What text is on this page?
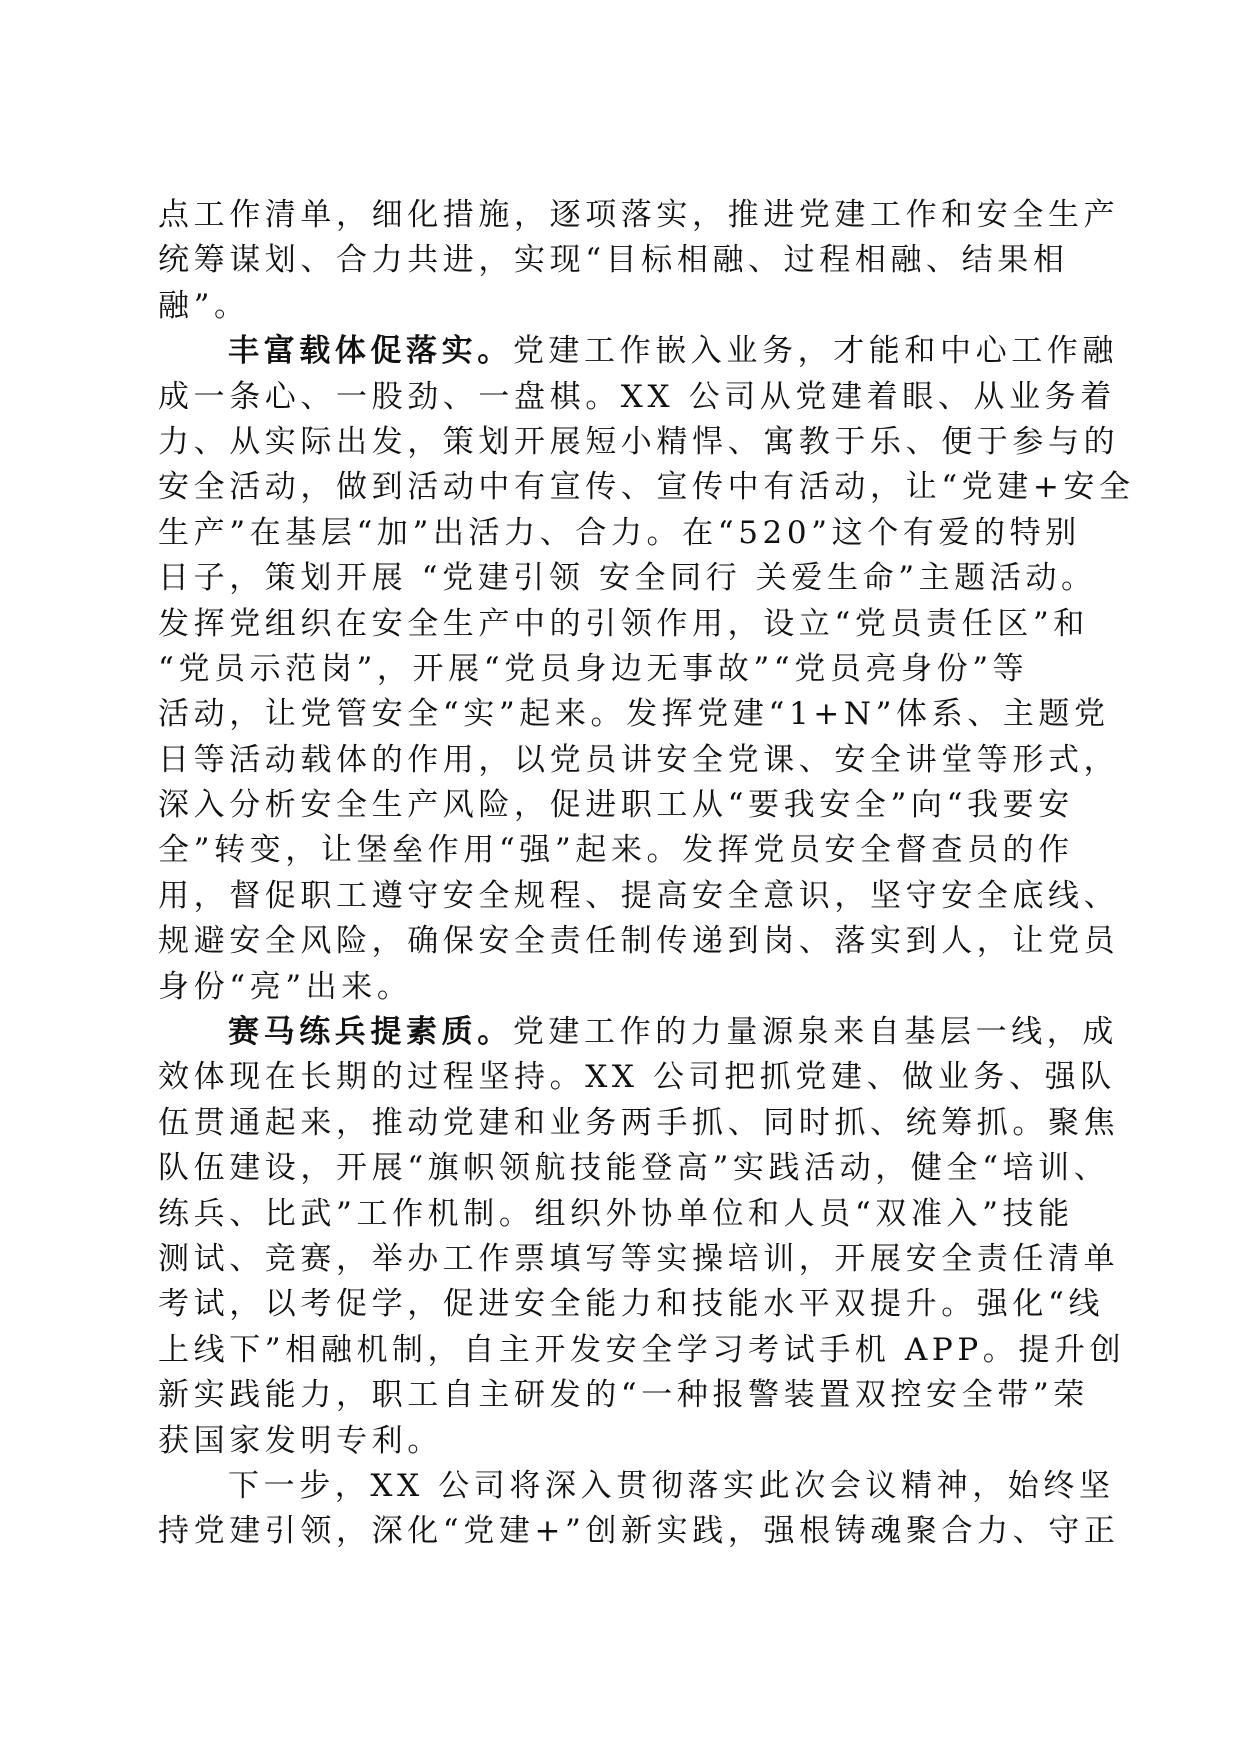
点工作清单，细化措施，逐项落实，推进党建工作和安全生产
统筹谋划、合力共进，实现“目标相融、过程相融、结果相
融”。
丰富载体促落实。党建工作嵌入业务，才能和中心工作融
成一条心、一股劲、一盘棋。XX 公司从党建着眼、从业务着
力、从实际出发，策划开展短小精悍、寓教于乐、便于参与的
安全活动，做到活动中有宣传、宣传中有活动，让“党建+安全
生产”在基层“加”出活力、合力。在“520”这个有爱的特别
日子，策划开展 “党建引领 安全同行 关爱生命”主题活动。
发挥党组织在安全生产中的引领作用，设立“党员责任区”和
“党员示范岗”，开展“党员身边无事故”“党员亮身份”等
活动，让党管安全“实”起来。发挥党建“1+N”体系、主题党
日等活动载体的作用，以党员讲安全党课、安全讲堂等形式，
深入分析安全生产风险，促进职工从“要我安全”向“我要安
全”转变，让堡垒作用“强”起来。发挥党员安全督查员的作
用，督促职工遵守安全规程、提高安全意识，坚守安全底线、
规避安全风险，确保安全责任制传递到岗、落实到人，让党员
身份“亮”出来。
赛马练兵提素质。党建工作的力量源泉来自基层一线，成
效体现在长期的过程坚持。XX 公司把抓党建、做业务、强队
伍贯通起来，推动党建和业务两手抓、同时抓、统筹抓。聚焦
队伍建设，开展“旗帜领航技能登高”实践活动，健全“培训、
练兵、比武”工作机制。组织外协单位和人员“双准入”技能
测试、竞赛，举办工作票填写等实操培训，开展安全责任清单
考试，以考促学，促进安全能力和技能水平双提升。强化“线
上线下”相融机制，自主开发安全学习考试手机 APP。提升创
新实践能力，职工自主研发的“一种报警装置双控安全带”荣
获国家发明专利。
下一步，XX 公司将深入贯彻落实此次会议精神，始终坚
持党建引领，深化“党建+”创新实践，强根铸魂聚合力、守正
